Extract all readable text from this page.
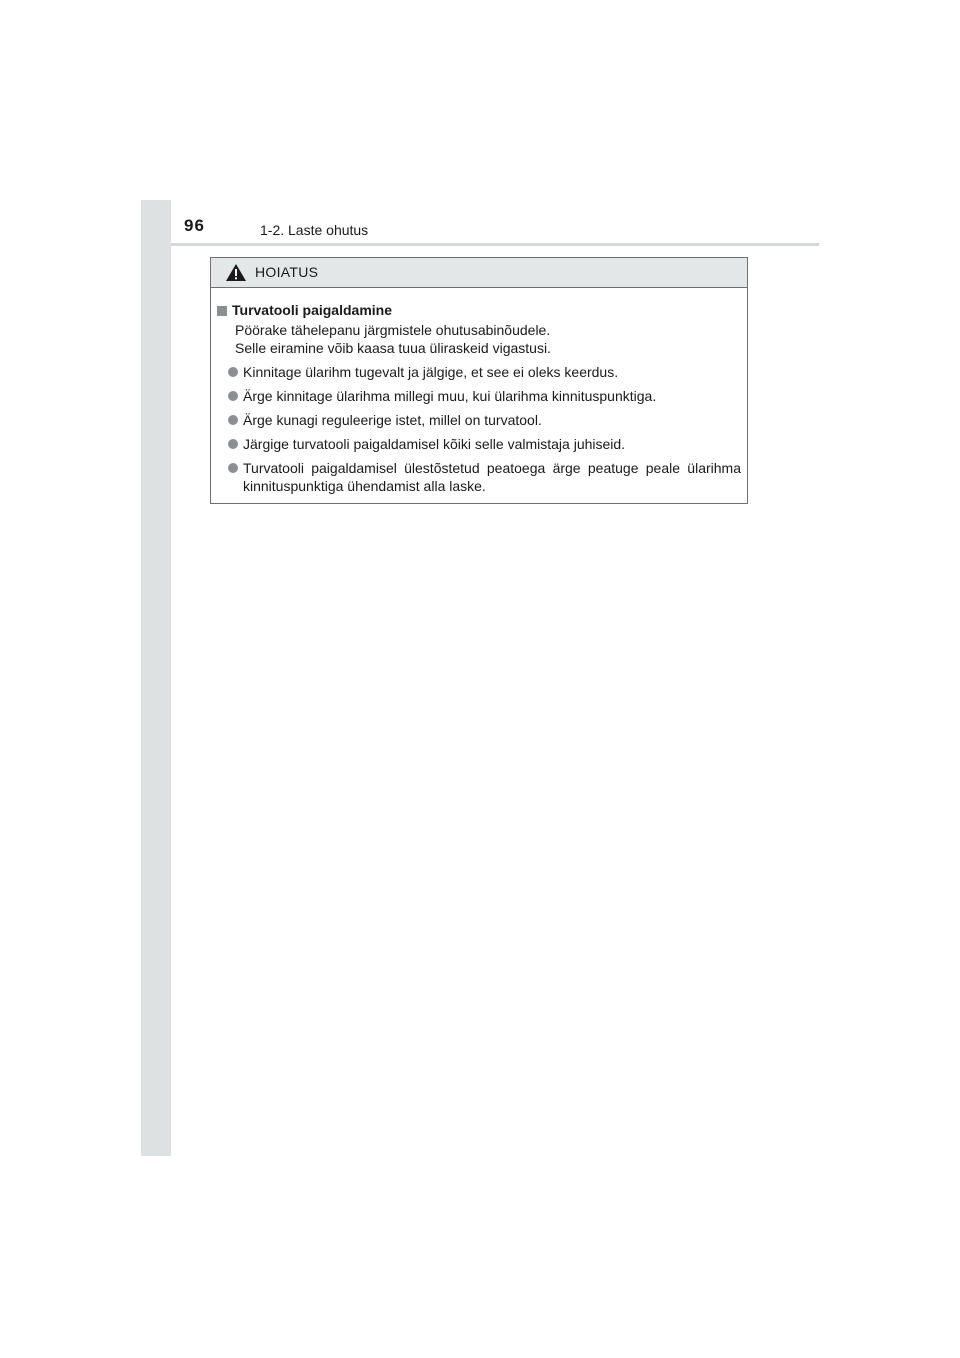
96	1-2. Laste ohutus
HOIATUS
Turvatooli paigaldamine

Pöörake tähelepanu järgmistele ohutusabinõudele.
Selle eiramine võib kaasa tuua üliraskeid vigastusi.

Kinnitage ülarihm tugevalt ja jälgige, et see ei oleks keerdus.
Ärge kinnitage ülarihma millegi muu, kui ülarihma kinnituspunktiga.
Ärge kunagi reguleerige istet, millel on turvatool.
Järgige turvatooli paigaldamisel kõiki selle valmistaja juhiseid.
Turvatooli paigaldamisel ülestõstetud peatoega ärge peatuge peale ülarihma kinnituspunktiga ühendamist alla laske.
